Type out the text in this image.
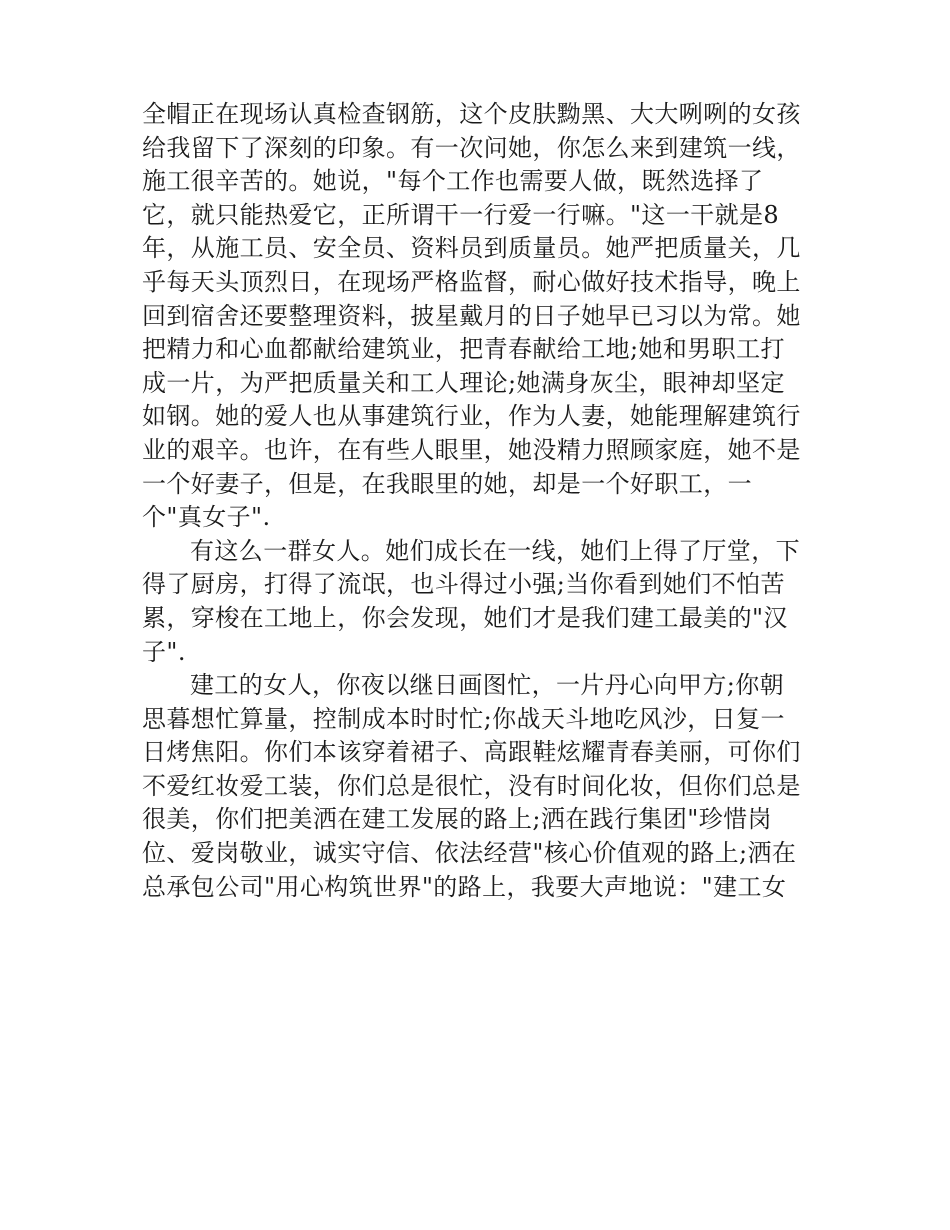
全帽正在现场认真检查钢筋，这个皮肤黝黑、大大咧咧的女孩
给我留下了深刻的印象。有一次问她，你怎么来到建筑一线，
施工很辛苦的。她说，"每个工作也需要人做，既然选择了
它，就只能热爱它，正所谓干一行爱一行嘛。"这一干就是8
年，从施工员、安全员、资料员到质量员。她严把质量关，几
乎每天头顶烈日，在现场严格监督，耐心做好技术指导，晚上
回到宿舍还要整理资料，披星戴月的日子她早已习以为常。她
把精力和心血都献给建筑业，把青春献给工地;她和男职工打
成一片，为严把质量关和工人理论;她满身灰尘，眼神却坚定
如钢。她的爱人也从事建筑行业，作为人妻，她能理解建筑行
业的艰辛。也许，在有些人眼里，她没精力照顾家庭，她不是
一个好妻子，但是，在我眼里的她，却是一个好职工，一
个"真女子".
有这么一群女人。她们成长在一线，她们上得了厅堂，下
得了厨房，打得了流氓，也斗得过小强;当你看到她们不怕苦
累，穿梭在工地上，你会发现，她们才是我们建工最美的"汉
子".
建工的女人，你夜以继日画图忙，一片丹心向甲方;你朝
思暮想忙算量，控制成本时时忙;你战天斗地吃风沙，日复一
日烤焦阳。你们本该穿着裙子、高跟鞋炫耀青春美丽，可你们
不爱红妆爱工装，你们总是很忙，没有时间化妆，但你们总是
很美，你们把美洒在建工发展的路上;洒在践行集团"珍惜岗
位、爱岗敬业，诚实守信、依法经营"核心价值观的路上;洒在
总承包公司"用心构筑世界"的路上，我要大声地说："建工女
